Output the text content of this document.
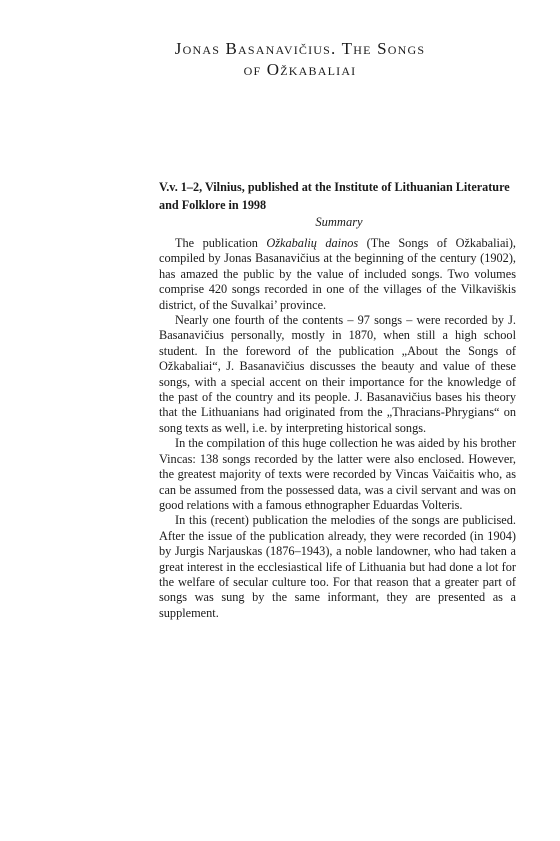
Jonas Basanavičius. The Songs
of Ožkabaliai

V.v. 1–2, Vilnius, published at the Institute of Lithuanian Literature and Folklore in 1998

Summary

The publication Ožkabalių dainos (The Songs of Ožkabaliai), compiled by Jonas Basanavičius at the beginning of the century (1902), has amazed the public by the value of included songs. Two volumes comprise 420 songs recorded in one of the villages of the Vilkaviškis district, of the Suvalkai’ province.

Nearly one fourth of the contents – 97 songs – were recorded by J. Basanavičius personally, mostly in 1870, when still a high school student. In the foreword of the publication „About the Songs of Ožkabaliai“, J. Basanavičius discusses the beauty and value of these songs, with a special accent on their importance for the knowledge of the past of the country and its people. J. Basanavičius bases his theory that the Lithuanians had originated from the „Thracians-Phrygians“ on song texts as well, i.e. by interpreting historical songs.

In the compilation of this huge collection he was aided by his brother Vincas: 138 songs recorded by the latter were also enclosed. However, the greatest majority of texts were recorded by Vincas Vaičaitis who, as can be assumed from the possessed data, was a civil servant and was on good relations with a famous ethnographer Eduardas Volteris.

In this (recent) publication the melodies of the songs are publicised. After the issue of the publication already, they were recorded (in 1904) by Jurgis Narjauskas (1876–1943), a noble landowner, who had taken a great interest in the ecclesiastical life of Lithuania but had done a lot for the welfare of secular culture too. For that reason that a greater part of songs was sung by the same informant, they are presented as a supplement.
